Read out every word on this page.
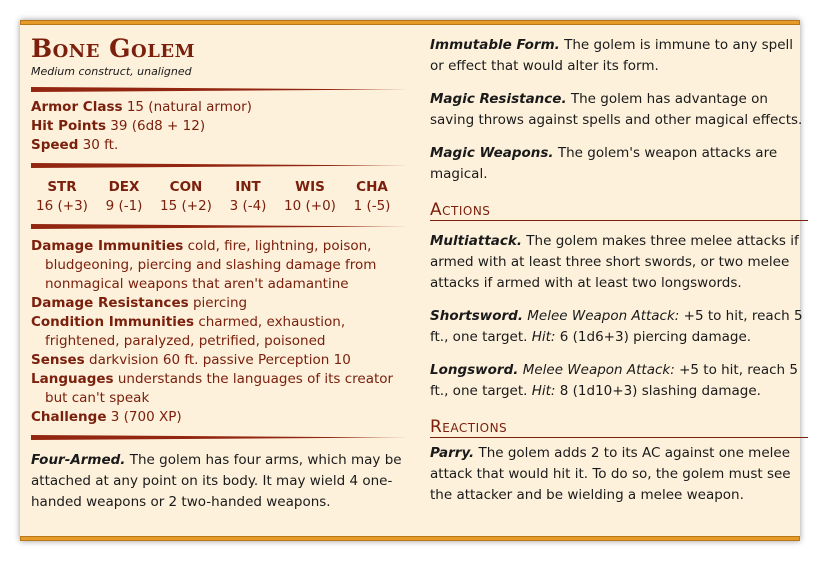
Bone Golem
Medium construct, unaligned
Armor Class 15 (natural armor)
Hit Points 39 (6d8 + 12)
Speed 30 ft.
STR
16 (+3)
DEX
9 (-1)
CON
15 (+2)
INT
3 (-4)
WIS
10 (+0)
CHA
1 (-5)
Damage Immunities cold, fire, lightning, poison, bludgeoning, piercing and slashing damage from nonmagical weapons that aren't adamantine
Damage Resistances piercing
Condition Immunities charmed, exhaustion, frightened, paralyzed, petrified, poisoned
Senses darkvision 60 ft. passive Perception 10
Languages understands the languages of its creator but can't speak
Challenge 3 (700 XP)
Four-Armed. The golem has four arms, which may be attached at any point on its body. It may wield 4 one-handed weapons or 2 two-handed weapons.
Immutable Form. The golem is immune to any spell or effect that would alter its form.
Magic Resistance. The golem has advantage on saving throws against spells and other magical effects.
Magic Weapons. The golem's weapon attacks are magical.
Actions
Multiattack. The golem makes three melee attacks if armed with at least three short swords, or two melee attacks if armed with at least two longswords.
Shortsword. Melee Weapon Attack: +5 to hit, reach 5 ft., one target. Hit: 6 (1d6+3) piercing damage.
Longsword. Melee Weapon Attack: +5 to hit, reach 5 ft., one target. Hit: 8 (1d10+3) slashing damage.
Reactions
Parry. The golem adds 2 to its AC against one melee attack that would hit it. To do so, the golem must see the attacker and be wielding a melee weapon.
